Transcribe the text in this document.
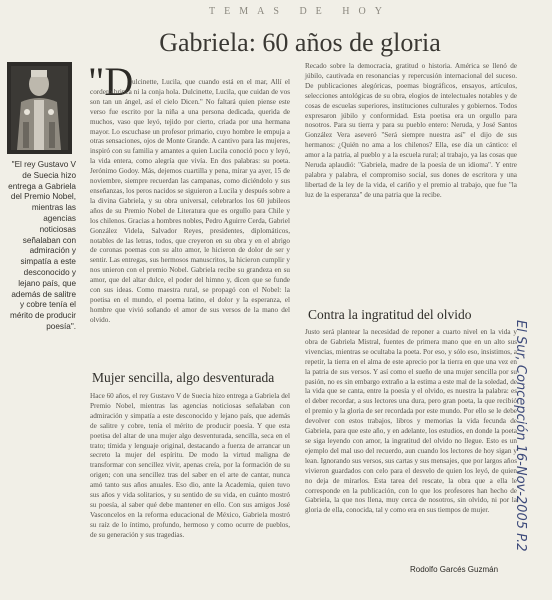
TEMAS DE HOY
Gabriela: 60 años de gloria
"El rey Gustavo V de Suecia hizo entrega a Gabriela del Premio Nobel, mientras las agencias noticiosas señalaban con admiración y simpatía a este desconocido y lejano país, que además de salitre y cobre tenía el mérito de producir poesía".
"D

ulcinette, Lucila, que cuando está en el mar, Allí el cordero brinca ni la conja hola. Dulcinette, Lucila, que cuidan de vos son tan un ángel, así el cielo Dicen." No faltará quien piense este verso fue escrito por la niña a una persona dedicada, querida de muchos, vaso que leyó, tejido por cierto, criada por una hermana mayor. Lo escuchase un profesor primario, cuyo hombre le empuja a otras sensaciones, ojos de Monte Grande. A cantivo para las mujeres, inspiró con su familia y amantes a quien Lucila conoció poco y leyó, la vida entera, como alegría que vivía. En dos palabras: su poeta. Jerónimo Godoy. Más, dejemos cuartilla y pena, mirar ya ayer, 15 de noviembre, siempre recuerdan las campanas, como diciéndolo y sus enseñanzas, los peros nacidos se siguieron a Lucila y después sobre a la divina Gabriela, y su obra universal, celebrarlos los 60 jubileos años de su Premio Nobel de Literatura que es orgullo para Chile y los chilenos. Gracias a hombres nobles, Pedro Aguirre Cerda, Gabriel González Videla, Salvador Reyes, presidentes, diplomáticos, notables de las letras, todos, que creyeron en su obra y en el abrigo de coronas poemas con su alto amor, le hicieron de dolor de ser y sentir. Las entregas, sus hermosos manuscritos, la hicieron cumplir y nos unieron con el premio Nobel. Gabriela recibe su grandeza en su amor, que del altar dulce, el poder del himno y, dicen que se funde con sus ideas. Como maestra rural, se propagó con el Nobel: la poetisa en el mundo, el poema latino, el dolor y la esperanza, el hombre que vivió soñando el amor de sus versos de la mano del olvido.

Mujer sencilla, algo desventurada

Hace 60 años, el rey Gustavo V de Suecia hizo entrega a Gabriela del Premio Nobel, mientras las agencias noticiosas señalaban con admiración y simpatía a este desconocido y lejano país, que además de salitre y cobre, tenía el mérito de producir poesía. Y que esta poetisa del altar de una mujer algo desventurada, sencilla, seca en el trato; tímida y lenguaje original, destacando a fuerza de arrancar un secreto la mujer del espíritu. De modo la virtud maligna de transformar con sencillez vivir, apenas creía, por la formación de su origen; con una sencillez tras del saber en el arte de cantar, nunca amó tanto sus años anuales. Eso dio, ante la Academia, quien tuvo sus años y vida solitarios, y su sentido de su vida, en cuánto mostró su poesía, al saber qué debe mantener en ello. Con sus amigos José Vasconcelos en la reforma educacional de México, Gabriela mostró su raíz de lo íntimo, profundo, hermoso y como ocurre de pueblos, de su generación y sus tragedias.

Recado sobre la democracia, gratitud o historia. América se llenó de júbilo, cautivada en resonancias y repercusión internacional del suceso. De publicaciones alegóricas, poemas biográficos, ensayos, artículos, selecciones antológicas de su obra, elogios de intelectuales notables y de cosas de escuelas superiores, instituciones culturales y gobiernos. Todos expresaron júbilo y conformidad. Esta poetisa era un orgullo para nosotros. Para su tierra y para su pueblo entero: Neruda, y José Santos González Vera aseveró "Será siempre nuestra así" el dijo de sus hermanos: ¿Quién no ama a los chilenos? Ella, ese día un cántico: el amor a la patria, al pueblo y a la escuela rural; al trabajo, ya las cosas que Neruda aplaudió: "Gabriela, madre de la poesía de un idioma". Y entre palabra y palabra, el compromiso social, sus dones de escritora y una libertad de la ley de la vida, el cariño y el premio al trabajo, que fue "la luz de la esperanza" de una patria que la recibe.

Contra la ingratitud del olvido

Justo será plantear la necesidad de reponer a cuarto nivel en la vida y obra de Gabriela Mistral, fuentes de primera mano que en un alto sus vivencias, mientras se ocultaba la poeta. Por eso, y sólo eso, insistimos, a repetir, la tierra en el alma de este aprecio por la tierra en que una vez en la patria de sus versos. Y así como el sueño de una mujer sencilla por su pasión, no es sin embargo extraño a la estima a este mal de la soledad, de la vida que se canta, entre la poesía y el olvido, es nuestra la palabra: es el deber recordar, a sus lectores una dura, pero gran poeta, la que recibió el premio y la gloria de ser recordada por este mundo. Por ello se le debe devolver con estos trabajos, libros y memorias la vida fecunda de Gabriela, para que este año, y en adelante, los estudios, en donde la poeta se siga leyendo con amor, la ingratitud del olvido no llegue. Esto es un ejemplo del mal uso del recuerdo, aun cuando los lectores de hoy sigan y lean. Ignorando sus versos, sus cartas y sus mensajes, que por largos años vivieron guardados con celo para el desvelo de quien los leyó, de quien no deja de mirarlos. Esta tarea del rescate, la obra que a ella le corresponde en la publicación, con lo que los profesores han hecho de Gabriela, la que nos llena, muy cerca de nosotros, sin olvido, ni por la gloria de ella, conocida, tal y como era en sus tiempos de mujer.

Rodolfo Garcés Guzmán
El Sur, Concepción 16-Nov-2005 P.2
